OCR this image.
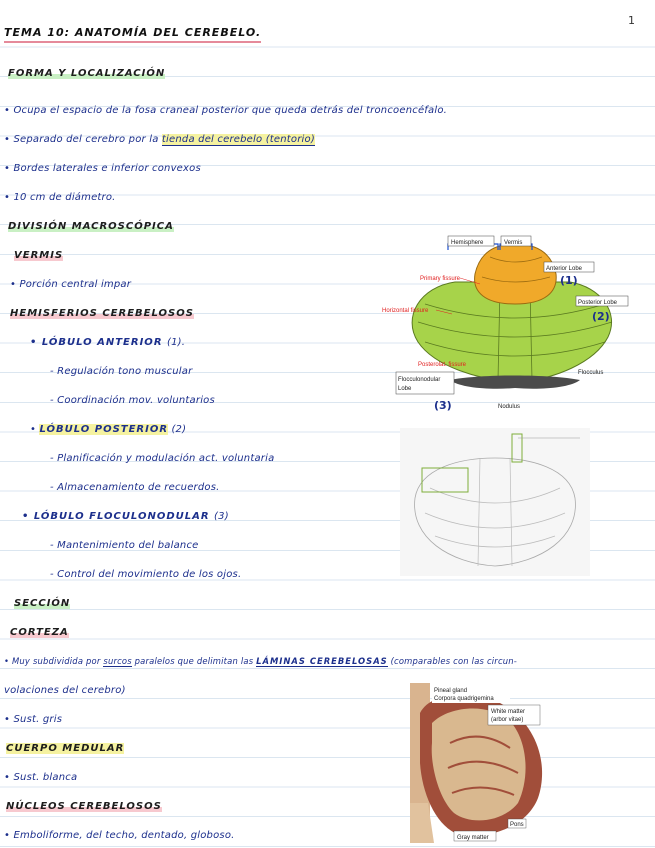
1
TEMA 10: ANATOMÍA DEL CEREBELO.
FORMA Y LOCALIZACIÓN
• Ocupa el espacio de la fosa craneal posterior que queda detrás del troncoencéfalo.
• Separado del cerebro por la tienda del cerebelo (tentorio)
• Bordes laterales e inferior convexos
• 10 cm de diámetro.
DIVISIÓN MACROSCÓPICA
VERMIS
• Porción central impar
HEMISFERIOS CEREBELOSOS
• LÓBULO ANTERIOR (1).
- Regulación tono muscular
- Coordinación mov. voluntarios
• LÓBULO POSTERIOR (2)
- Planificación y modulación act. voluntaria
- Almacenamiento de recuerdos.
• LÓBULO FLOCULONODULAR (3)
- Mantenimiento del balance
- Control del movimiento de los ojos.
SECCIÓN
CORTEZA
• Muy subdividida por surcos paralelos que delimitan las LÁMINAS CEREBELOSAS (comparables con las circun-
volaciones del cerebro)
• Sust. gris
CUERPO MEDULAR
• Sust. blanca
NÚCLEOS CEREBELOSOS
• Emboliforme, del techo, dentado, globoso.
Hemisphere	Vermis
Anterior Lobe
(1)
Posterior Lobe
(2)
Primary fissure
Horizontal fissure
Posterolat. fissure
Flocculonodular
Lobe
(3)
Flocculus
Nodulus
Pineal gland
Corpora quadrigemina
White matter
(arbor vitae)
Pons
Gray matter
